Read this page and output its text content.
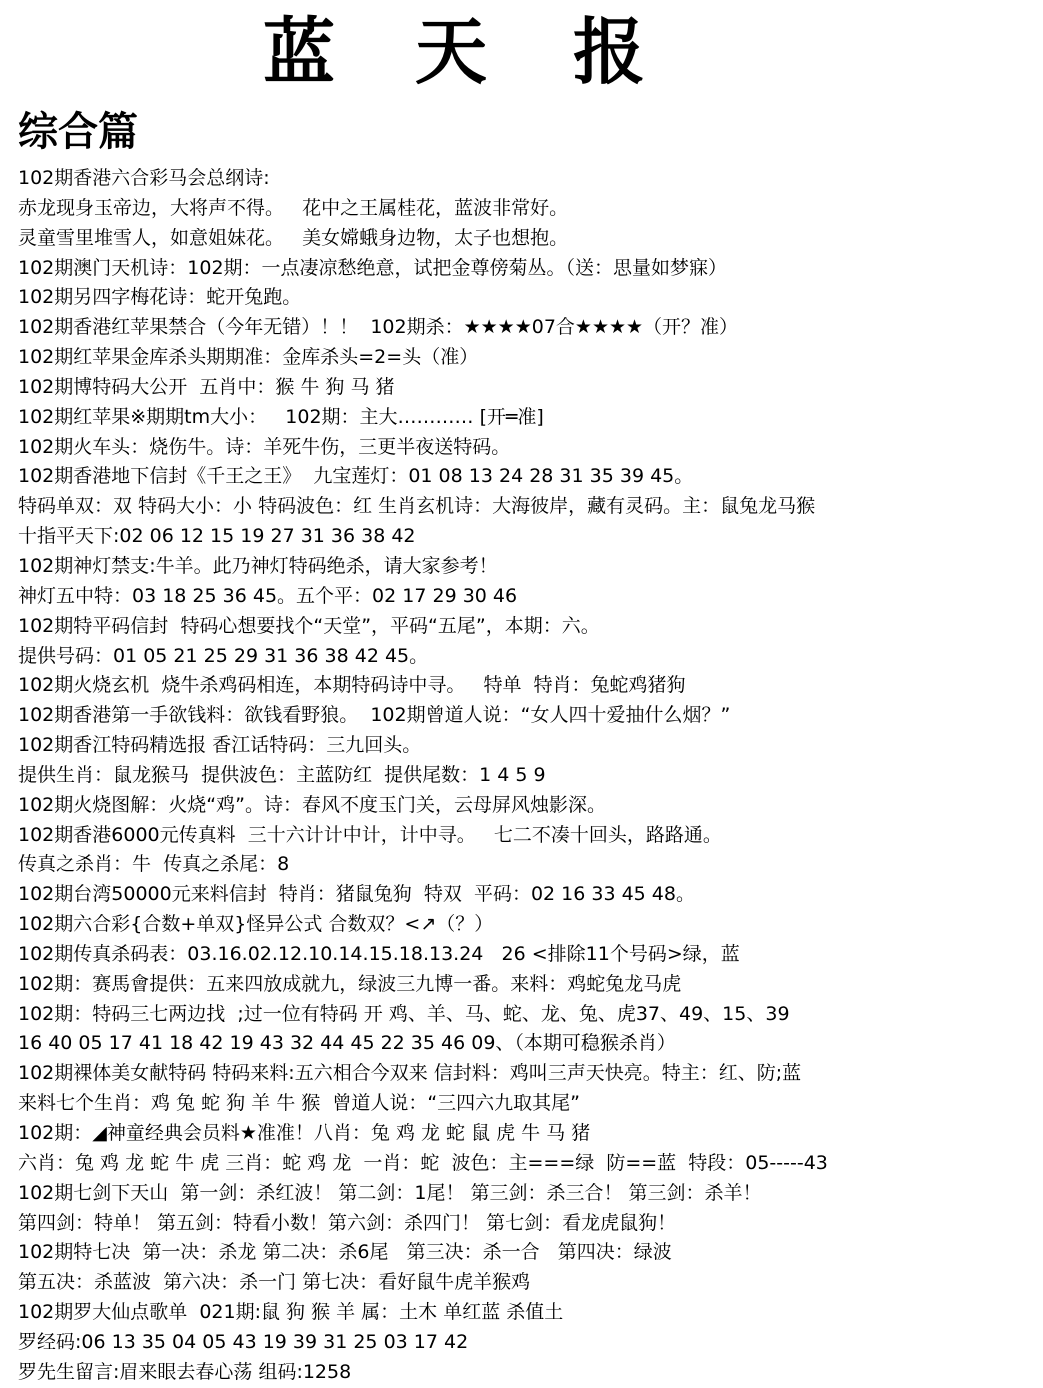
蓝 天 报
综合篇
102期香港六合彩马会总纲诗:
赤龙现身玉帝边，大将声不得。   花中之王属桂花，蓝波非常好。
灵童雪里堆雪人，如意姐妹花。   美女嫦蛾身边物，太子也想抱。
102期澳门天机诗：102期：一点凄凉愁绝意，试把金尊傍菊丛。（送：思量如梦寐）
102期另四字梅花诗：蛇开兔跑。
102期香港红苹果禁合（今年无错）！！  102期杀：★★★★07合★★★★（开？准）
102期红苹果金库杀头期期准：金库杀头=2=头（准）
102期博特码大公开  五肖中：猴 牛 狗 马 猪
102期红苹果※期期tm大小：   102期：主大………… [开═准]
102期火车头：烧伤牛。诗：羊死牛伤，三更半夜送特码。
102期香港地下信封《千王之王》  九宝莲灯：01 08 13 24 28 31 35 39 45。
特码单双：双 特码大小：小 特码波色：红 生肖玄机诗：大海彼岸，藏有灵码。主：鼠兔龙马猴
十指平天下:02 06 12 15 19 27 31 36 38 42
102期神灯禁支:牛羊。此乃神灯特码绝杀，请大家参考！
神灯五中特：03 18 25 36 45。五个平：02 17 29 30 46
102期特平码信封  特码心想要找个“天堂”，平码“五尾”，本期：六。
提供号码：01 05 21 25 29 31 36 38 42 45。
102期火烧玄机  烧牛杀鸡码相连，本期特码诗中寻。   特单  特肖：兔蛇鸡猪狗
102期香港第一手欲钱料：欲钱看野狼。  102期曾道人说：“女人四十爱抽什么烟？”
102期香江特码精选报 香江话特码：三九回头。
提供生肖：鼠龙猴马  提供波色：主蓝防红  提供尾数：1 4 5 9
102期火烧图解：火烧“鸡”。诗：春风不度玉门关，云母屏风烛影深。
102期香港6000元传真料  三十六计计中计，计中寻。   七二不凑十回头，路路通。
传真之杀肖：牛  传真之杀尾：8
102期台湾50000元来料信封  特肖：猪鼠兔狗  特双  平码：02 16 33 45 48。
102期六合彩{合数+单双}怪异公式 合数双？<↗（？）
102期传真杀码表：03.16.02.12.10.14.15.18.13.24   26 <排除11个号码>绿，蓝
102期：赛馬會提供：五来四放成就九，绿波三九博一番。来料：鸡蛇兔龙马虎
102期：特码三七两边找  ;过一位有特码 开 鸡、羊、马、蛇、龙、兔、虎37、49、15、39
16 40 05 17 41 18 42 19 43 32 44 45 22 35 46 09、（本期可稳猴杀肖）
102期裸体美女献特码 特码来料:五六相合今双来 信封料：鸡叫三声天快亮。特主：红、防;蓝
来料七个生肖：鸡 兔 蛇 狗 羊 牛 猴  曾道人说：“三四六九取其尾”
102期：◢神童经典会员料★准准！八肖：兔 鸡 龙 蛇 鼠 虎 牛 马 猪
六肖：兔 鸡 龙 蛇 牛 虎 三肖：蛇 鸡 龙  一肖：蛇  波色：主===绿  防==蓝  特段：05-----43
102期七剑下天山  第一剑：杀红波！ 第二剑：1尾！ 第三剑：杀三合！ 第三剑：杀羊！
第四剑：特单！ 第五剑：特看小数！第六剑：杀四门！ 第七剑：看龙虎鼠狗！
102期特七决  第一决：杀龙 第二决：杀6尾   第三决：杀一合   第四决：绿波
第五决：杀蓝波  第六决：杀一门 第七决：看好鼠牛虎羊猴鸡
102期罗大仙点歌单  021期:鼠 狗 猴 羊 属：土木 单红蓝 杀值土
罗经码:06 13 35 04 05 43 19 39 31 25 03 17 42
罗先生留言:眉来眼去春心荡 组码:1258
